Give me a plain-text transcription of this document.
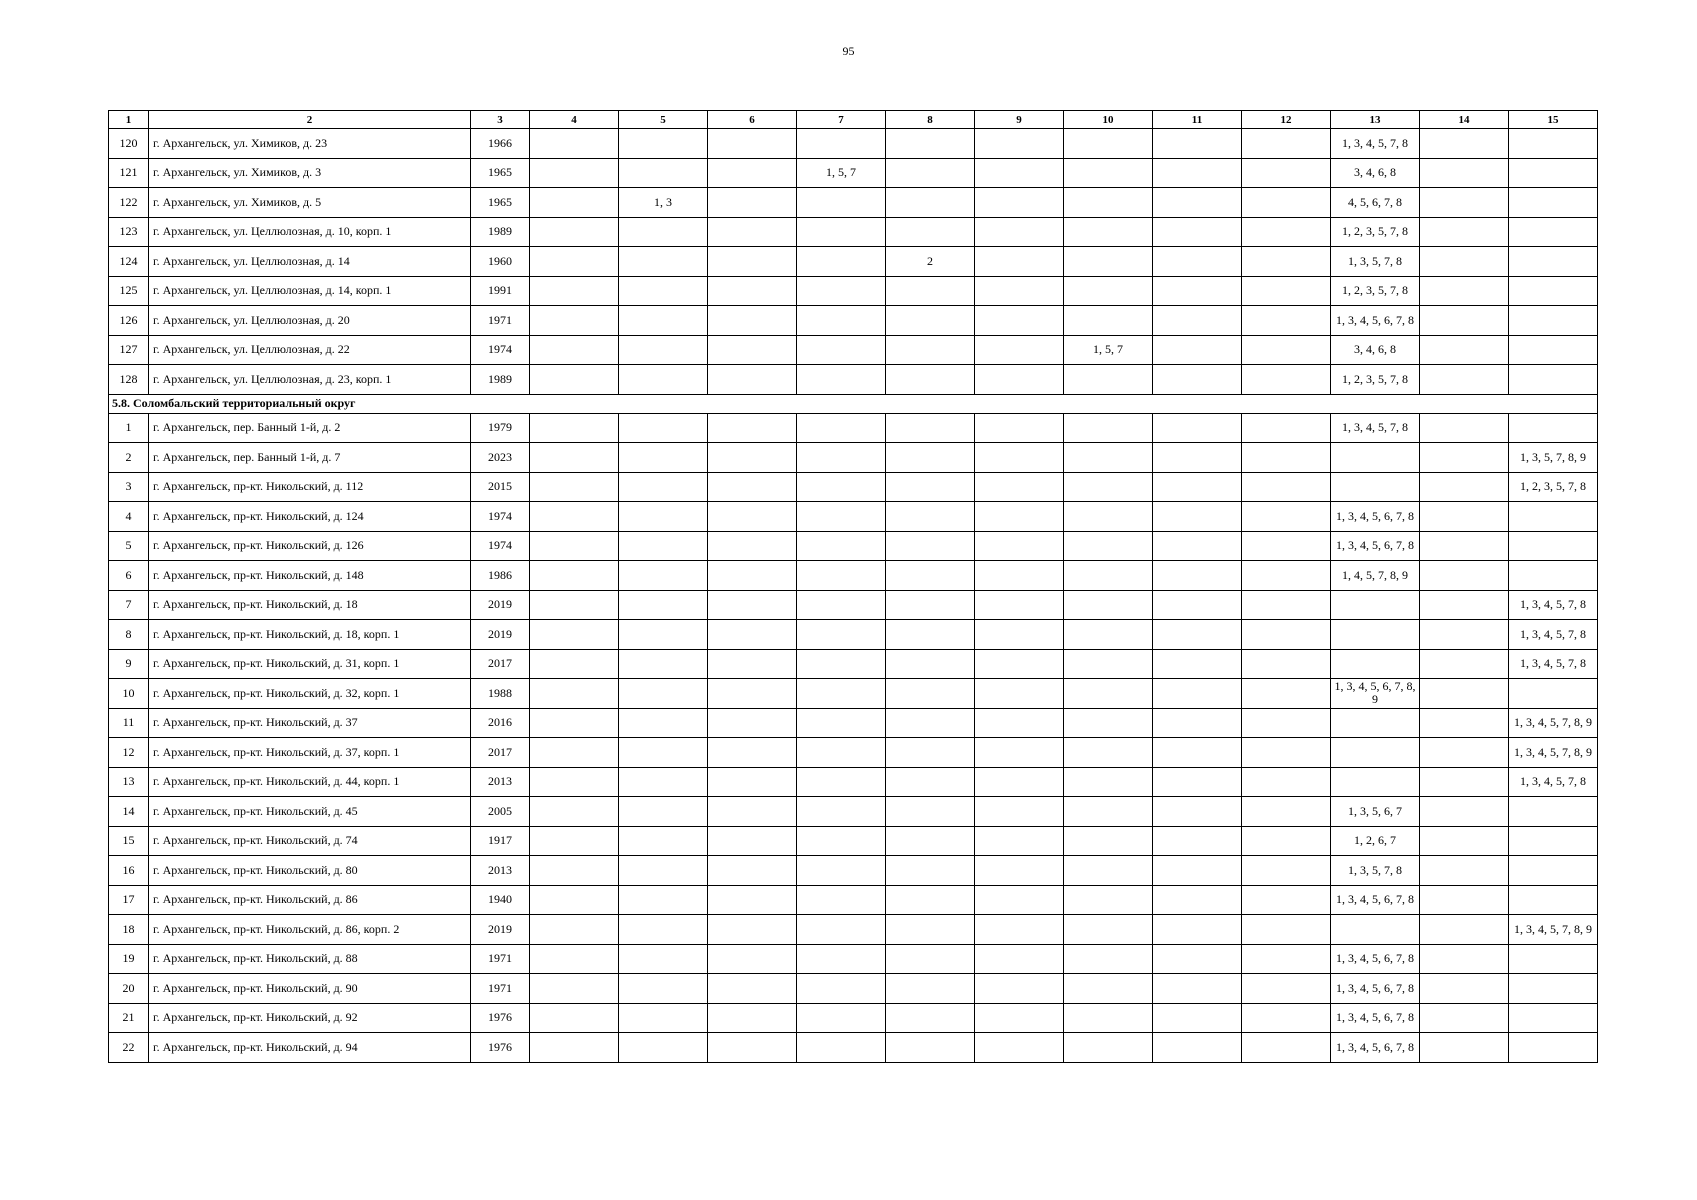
95
1	2	3	4	5	6	7	8	9	10	11	12	13	14	15
120	г. Архангельск, ул. Химиков, д. 23	1966										1, 3, 4, 5, 7, 8		
121	г. Архангельск, ул. Химиков, д. 3	1965				1, 5, 7						3, 4, 6, 8		
122	г. Архангельск, ул. Химиков, д. 5	1965		1, 3								4, 5, 6, 7, 8		
123	г. Архангельск, ул. Целлюлозная, д. 10, корп. 1	1989										1, 2, 3, 5, 7, 8		
124	г. Архангельск, ул. Целлюлозная, д. 14	1960					2					1, 3, 5, 7, 8		
125	г. Архангельск, ул. Целлюлозная, д. 14, корп. 1	1991										1, 2, 3, 5, 7, 8		
126	г. Архангельск, ул. Целлюлозная, д. 20	1971										1, 3, 4, 5, 6, 7, 8		
127	г. Архангельск, ул. Целлюлозная, д. 22	1974							1, 5, 7			3, 4, 6, 8		
128	г. Архангельск, ул. Целлюлозная, д. 23, корп. 1	1989										1, 2, 3, 5, 7, 8		
5.8. Соломбальский территориальный округ														
1	г. Архангельск, пер. Банный 1-й, д. 2	1979										1, 3, 4, 5, 7, 8		
2	г. Архангельск, пер. Банный 1-й, д. 7	2023												1, 3, 5, 7, 8, 9
3	г. Архангельск, пр-кт. Никольский, д. 112	2015												1, 2, 3, 5, 7, 8
4	г. Архангельск, пр-кт. Никольский, д. 124	1974										1, 3, 4, 5, 6, 7, 8		
5	г. Архангельск, пр-кт. Никольский, д. 126	1974										1, 3, 4, 5, 6, 7, 8		
6	г. Архангельск, пр-кт. Никольский, д. 148	1986										1, 4, 5, 7, 8, 9		
7	г. Архангельск, пр-кт. Никольский, д. 18	2019												1, 3, 4, 5, 7, 8
8	г. Архангельск, пр-кт. Никольский, д. 18, корп. 1	2019												1, 3, 4, 5, 7, 8
9	г. Архангельск, пр-кт. Никольский, д. 31, корп. 1	2017												1, 3, 4, 5, 7, 8
10	г. Архангельск, пр-кт. Никольский, д. 32, корп. 1	1988										1, 3, 4, 5, 6, 7, 8, 9		
11	г. Архангельск, пр-кт. Никольский, д. 37	2016												1, 3, 4, 5, 7, 8, 9
12	г. Архангельск, пр-кт. Никольский, д. 37, корп. 1	2017												1, 3, 4, 5, 7, 8, 9
13	г. Архангельск, пр-кт. Никольский, д. 44, корп. 1	2013												1, 3, 4, 5, 7, 8
14	г. Архангельск, пр-кт. Никольский, д. 45	2005										1, 3, 5, 6, 7		
15	г. Архангельск, пр-кт. Никольский, д. 74	1917										1, 2, 6, 7		
16	г. Архангельск, пр-кт. Никольский, д. 80	2013										1, 3, 5, 7, 8		
17	г. Архангельск, пр-кт. Никольский, д. 86	1940										1, 3, 4, 5, 6, 7, 8		
18	г. Архангельск, пр-кт. Никольский, д. 86, корп. 2	2019												1, 3, 4, 5, 7, 8, 9
19	г. Архангельск, пр-кт. Никольский, д. 88	1971										1, 3, 4, 5, 6, 7, 8		
20	г. Архангельск, пр-кт. Никольский, д. 90	1971										1, 3, 4, 5, 6, 7, 8		
21	г. Архангельск, пр-кт. Никольский, д. 92	1976										1, 3, 4, 5, 6, 7, 8		
22	г. Архангельск, пр-кт. Никольский, д. 94	1976										1, 3, 4, 5, 6, 7, 8		
